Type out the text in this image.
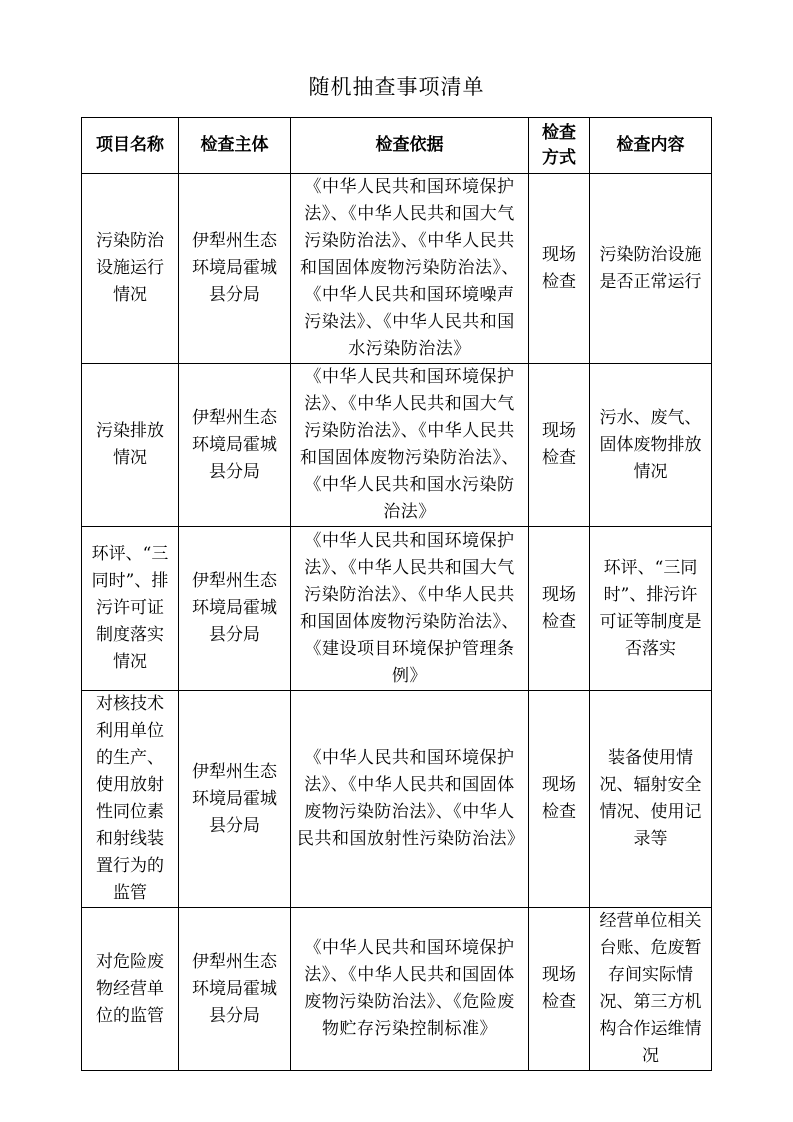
随机抽查事项清单
项目名称	检查主体	检查依据	检查方式	检查内容
污染防治设施运行情况	伊犁州生态环境局霍城县分局	《中华人民共和国环境保护法》、《中华人民共和国大气污染防治法》、《中华人民共和国固体废物污染防治法》、《中华人民共和国环境噪声污染法》、《中华人民共和国水污染防治法》	现场检查	污染防治设施是否正常运行
污染排放情况	伊犁州生态环境局霍城县分局	《中华人民共和国环境保护法》、《中华人民共和国大气污染防治法》、《中华人民共和国固体废物污染防治法》、《中华人民共和国水污染防治法》	现场检查	污水、废气、固体废物排放情况
环评、“三同时”、排污许可证制度落实情况	伊犁州生态环境局霍城县分局	《中华人民共和国环境保护法》、《中华人民共和国大气污染防治法》、《中华人民共和国固体废物污染防治法》、《建设项目环境保护管理条例》	现场检查	环评、“三同时”、排污许可证等制度是否落实
对核技术利用单位的生产、使用放射性同位素和射线装置行为的监管	伊犁州生态环境局霍城县分局	《中华人民共和国环境保护法》、《中华人民共和国固体废物污染防治法》、《中华人民共和国放射性污染防治法》	现场检查	装备使用情况、辐射安全情况、使用记录等
对危险废物经营单位的监管	伊犁州生态环境局霍城县分局	《中华人民共和国环境保护法》、《中华人民共和国固体废物污染防治法》、《危险废物贮存污染控制标准》	现场检查	经营单位相关台账、危废暂存间实际情况、第三方机构合作运维情况
